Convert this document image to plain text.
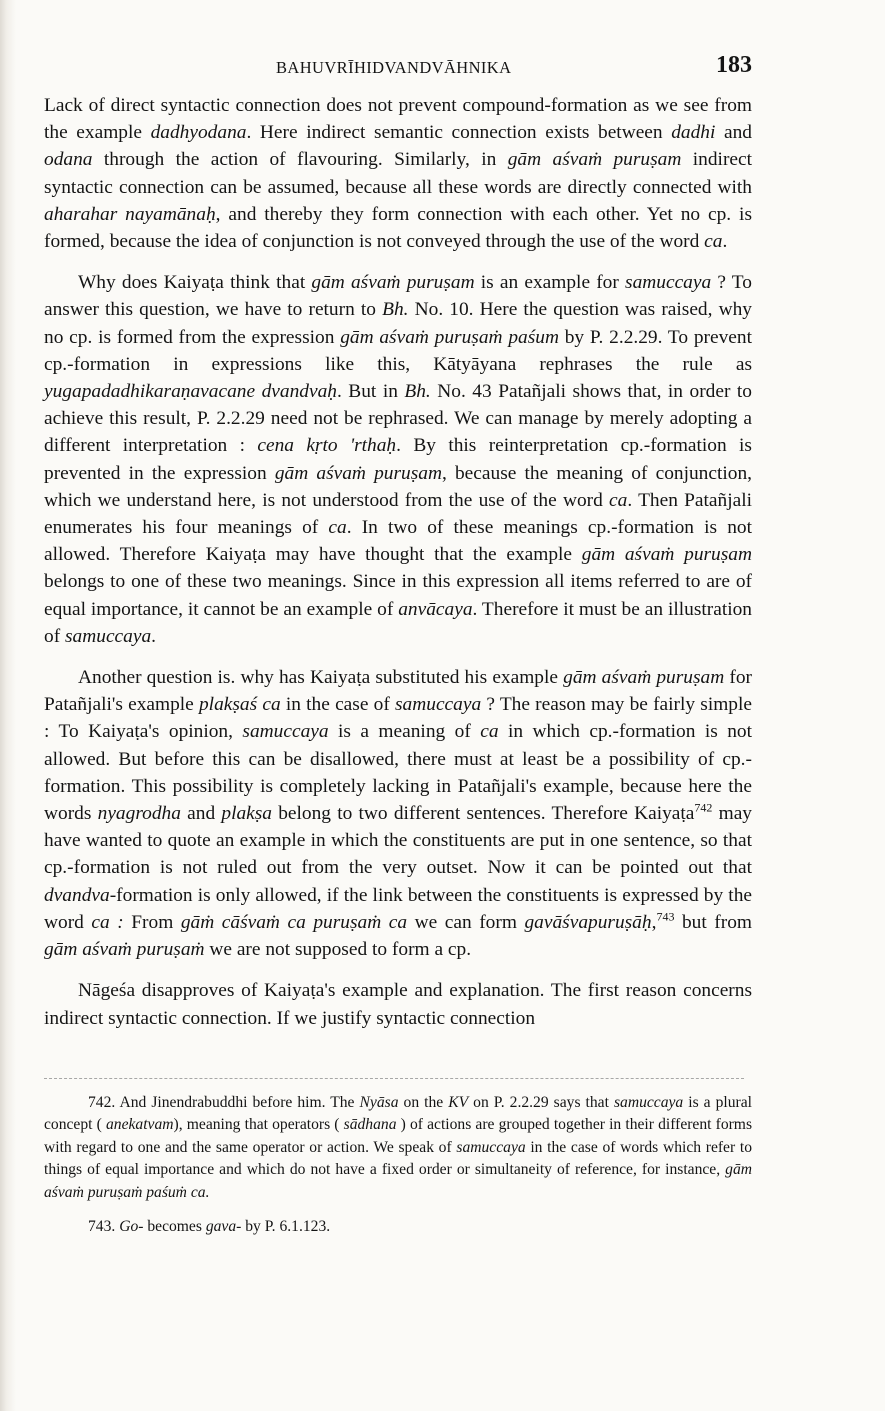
BAHUVRĪHIDVANDVĀHNIKA	183

Lack of direct syntactic connection does not prevent compound-formation as we see from the example dadhyodana. Here indirect semantic connection exists between dadhi and odana through the action of flavouring. Similarly, in gām aśvaṁ puruṣam indirect syntactic connection can be assumed, because all these words are directly connected with aharahar nayamānaḥ, and thereby they form connection with each other. Yet no cp. is formed, because the idea of conjunction is not conveyed through the use of the word ca.

Why does Kaiyaṭa think that gām aśvaṁ puruṣam is an example for samuccaya ? To answer this question, we have to return to Bh. No. 10. Here the question was raised, why no cp. is formed from the expression gām aśvaṁ puruṣaṁ paśum by P. 2.2.29. To prevent cp.-formation in expressions like this, Kātyāyana rephrases the rule as yugapadadhikaraṇavacane dvandvaḥ. But in Bh. No. 43 Patañjali shows that, in order to achieve this result, P. 2.2.29 need not be rephrased. We can manage by merely adopting a different interpretation : cena kṛto 'rthaḥ. By this reinterpretation cp.-formation is prevented in the expression gām aśvaṁ puruṣam, because the meaning of conjunction, which we understand here, is not understood from the use of the word ca. Then Patañjali enumerates his four meanings of ca. In two of these meanings cp.-formation is not allowed. Therefore Kaiyaṭa may have thought that the example gām aśvaṁ puruṣam belongs to one of these two meanings. Since in this expression all items referred to are of equal importance, it cannot be an example of anvācaya. Therefore it must be an illustration of samuccaya.

Another question is. why has Kaiyaṭa substituted his example gām aśvaṁ puruṣam for Patañjali's example plakṣaś ca in the case of samuccaya ? The reason may be fairly simple : To Kaiyaṭa's opinion, samuccaya is a meaning of ca in which cp.-formation is not allowed. But before this can be disallowed, there must at least be a possibility of cp.-formation. This possibility is completely lacking in Patañjali's example, because here the words nyagrodha and plakṣa belong to two different sentences. Therefore Kaiyaṭa$^{742}$ may have wanted to quote an example in which the constituents are put in one sentence, so that cp.-formation is not ruled out from the very outset. Now it can be pointed out that dvandva-formation is only allowed, if the link between the constituents is expressed by the word ca : From gāṁ cāśvaṁ ca puruṣaṁ ca we can form gavāśvapuruṣāḥ,$^{743}$ but from gām aśvaṁ puruṣaṁ we are not supposed to form a cp.

Nāgeśa disapproves of Kaiyaṭa's example and explanation. The first reason concerns indirect syntactic connection. If we justify syntactic connection

742. And Jinendrabuddhi before him. The Nyāsa on the KV on P. 2.2.29 says that samuccaya is a plural concept ( anekatvam), meaning that operators ( sādhana ) of actions are grouped together in their different forms with regard to one and the same operator or action. We speak of samuccaya in the case of words which refer to things of equal importance and which do not have a fixed order or simultaneity of reference, for instance, gām aśvaṁ puruṣaṁ paśuṁ ca.

743. Go- becomes gava- by P. 6.1.123.
